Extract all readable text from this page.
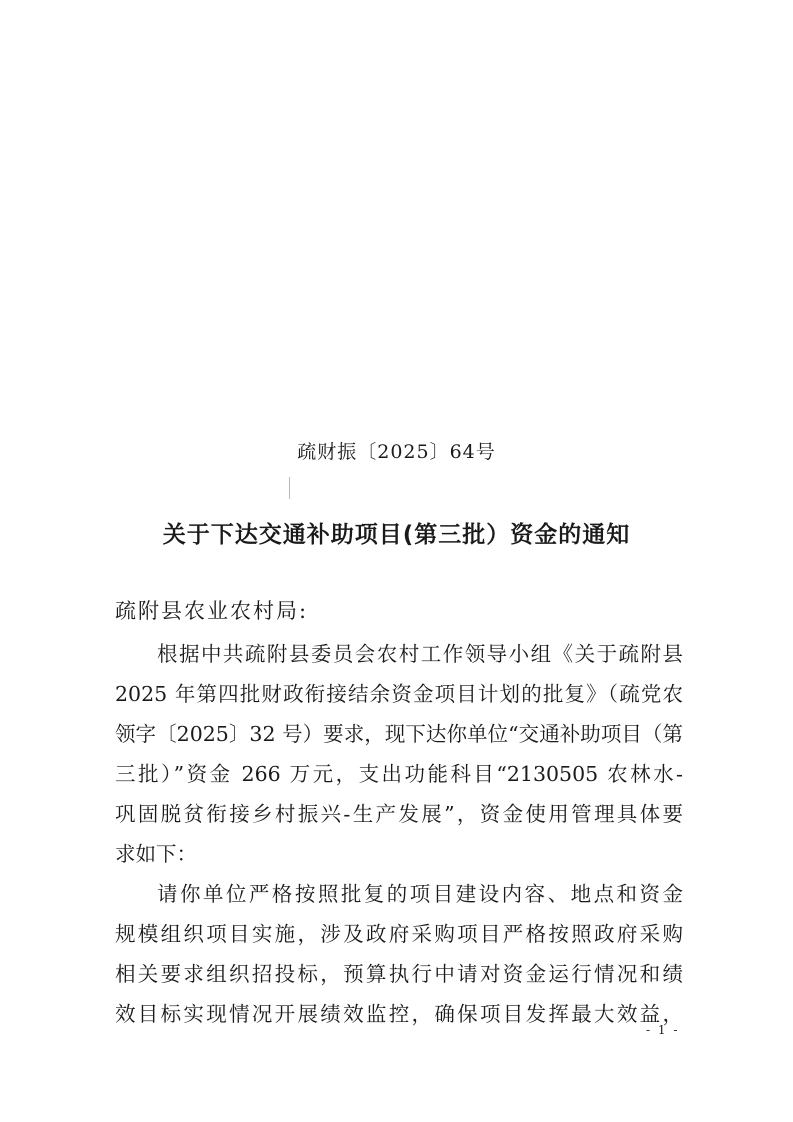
疏财振〔2025〕64号
关于下达交通补助项目(第三批）资金的通知
疏附县农业农村局:
根据中共疏附县委员会农村工作领导小组《关于疏附县
2025 年第四批财政衔接结余资金项目计划的批复》（疏党农
领字〔2025〕32 号）要求，现下达你单位“交通补助项目（第
三批）”资金 266 万元，支出功能科目“2130505 农林水-
巩固脱贫衔接乡村振兴-生产发展”，资金使用管理具体要
求如下：
请你单位严格按照批复的项目建设内容、地点和资金
规模组织项目实施，涉及政府采购项目严格按照政府采购
相关要求组织招投标，预算执行中请对资金运行情况和绩
效目标实现情况开展绩效监控，确保项目发挥最大效益，
- 1 -
